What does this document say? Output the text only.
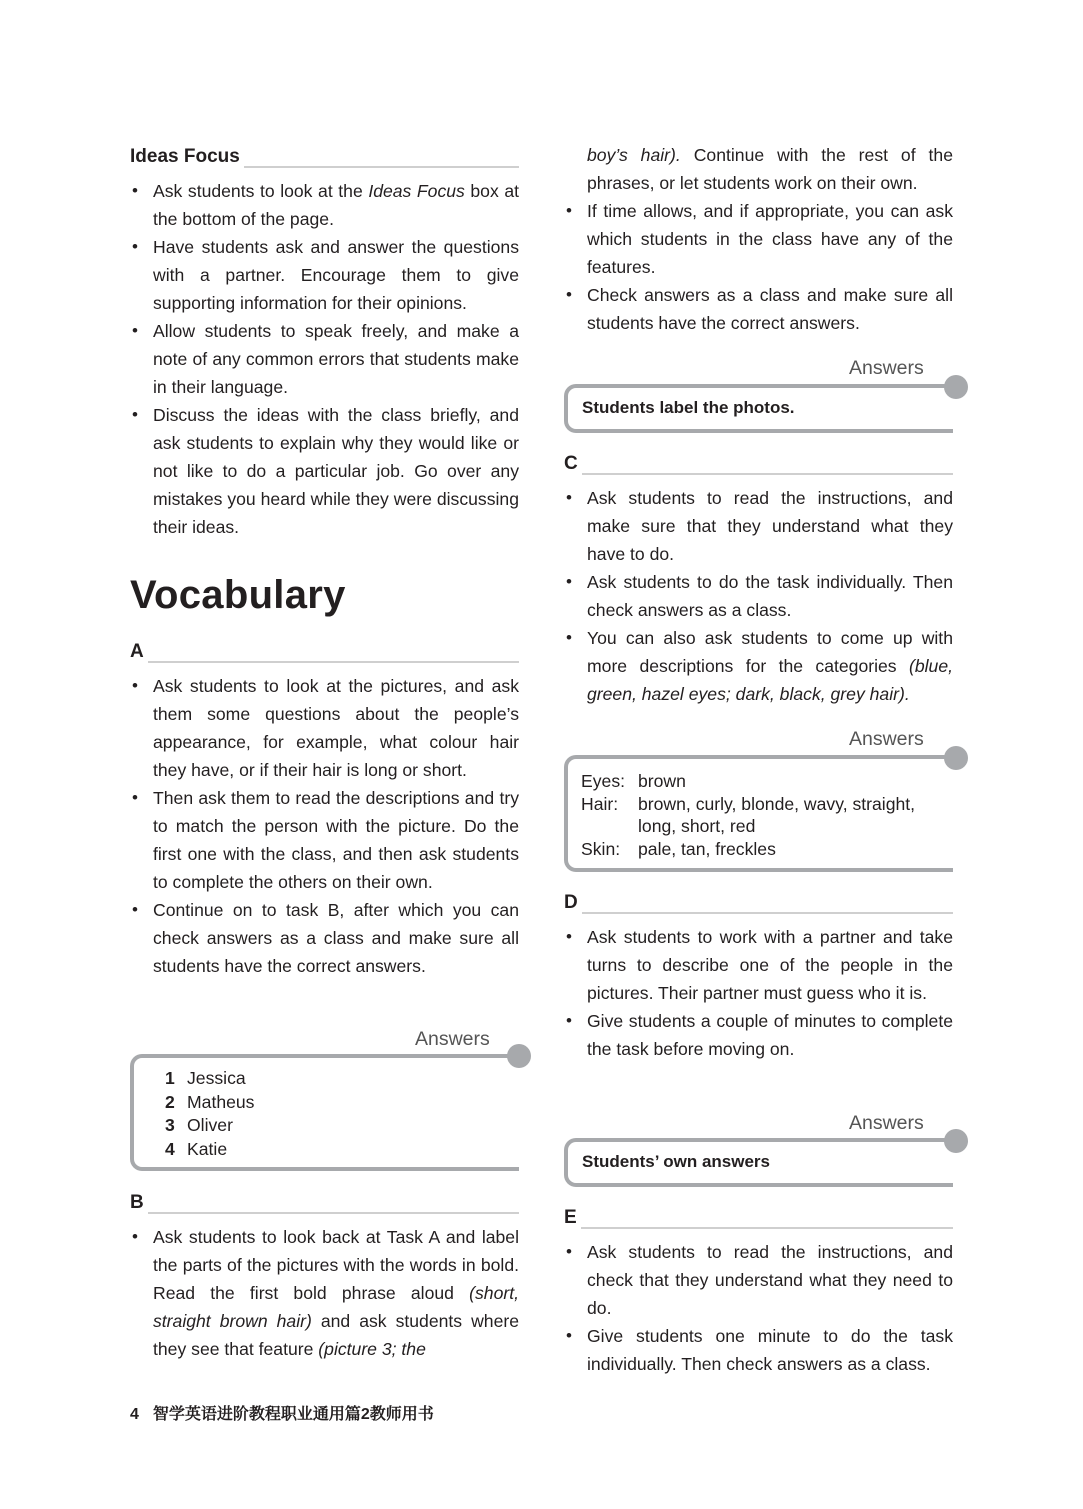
Ideas Focus
• Ask students to look at the Ideas Focus box at the bottom of the page.
• Have students ask and answer the questions with a partner. Encourage them to give supporting information for their opinions.
• Allow students to speak freely, and make a note of any common errors that students make in their language.
• Discuss the ideas with the class briefly, and ask students to explain why they would like or not like to do a particular job. Go over any mistakes you heard while they were discussing their ideas.
Vocabulary
A
• Ask students to look at the pictures, and ask them some questions about the people’s appearance, for example, what colour hair they have, or if their hair is long or short.
• Then ask them to read the descriptions and try to match the person with the picture. Do the first one with the class, and then ask students to complete the others on their own.
• Continue on to task B, after which you can check answers as a class and make sure all students have the correct answers.
Answers
1 Jessica
2 Matheus
3 Oliver
4 Katie
B
• Ask students to look back at Task A and label the parts of the pictures with the words in bold. Read the first bold phrase aloud (short, straight brown hair) and ask students where they see that feature (picture 3; the

boy’s hair). Continue with the rest of the phrases, or let students work on their own.

• If time allows, and if appropriate, you can ask which students in the class have any of the features.
• Check answers as a class and make sure all students have the correct answers.
Answers
Students label the photos.
C
• Ask students to read the instructions, and make sure that they understand what they have to do.
• Ask students to do the task individually. Then check answers as a class.
• You can also ask students to come up with more descriptions for the categories (blue, green, hazel eyes; dark, black, grey hair).
Answers
Eyes: brown
Hair:	brown, curly, blonde, wavy, straight, long, short, red
Skin:	pale, tan, freckles
D
• Ask students to work with a partner and take turns to describe one of the people in the pictures. Their partner must guess who it is.
• Give students a couple of minutes to complete the task before moving on.
Answers
Students’ own answers
E
• Ask students to read the instructions, and check that they understand what they need to do.
• Give students one minute to do the task individually. Then check answers as a class.
4 智学英语进阶教程职业通用篇2教师用书
